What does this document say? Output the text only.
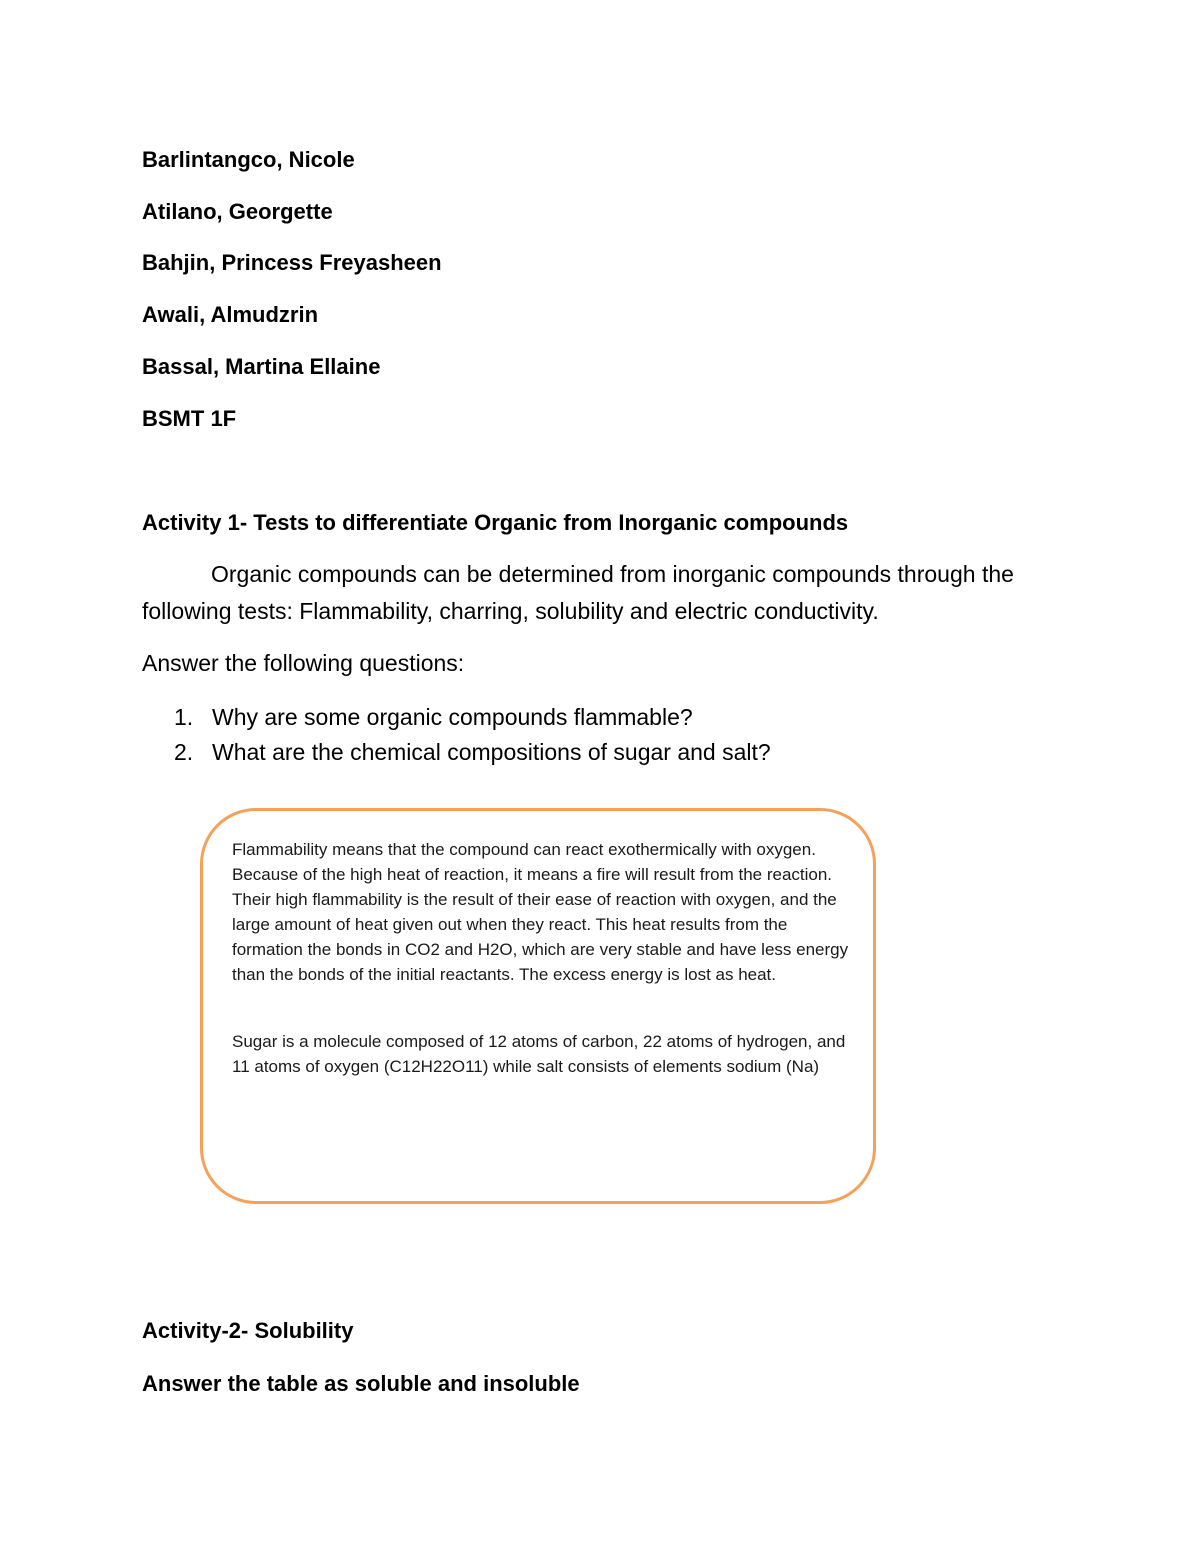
Barlintangco, Nicole
Atilano, Georgette
Bahjin, Princess Freyasheen
Awali, Almudzrin
Bassal, Martina Ellaine
BSMT 1F
Activity 1- Tests to differentiate Organic from Inorganic compounds
Organic compounds can be determined from inorganic compounds through the following tests: Flammability, charring, solubility and electric conductivity.
Answer the following questions:
1. Why are some organic compounds flammable?
2. What are the chemical compositions of sugar and salt?
Flammability means that the compound can react exothermically with oxygen. Because of the high heat of reaction, it means a fire will result from the reaction. Their high flammability is the result of their ease of reaction with oxygen, and the large amount of heat given out when they react. This heat results from the formation the bonds in CO2 and H2O, which are very stable and have less energy than the bonds of the initial reactants. The excess energy is lost as heat.
Sugar is a molecule composed of 12 atoms of carbon, 22 atoms of hydrogen, and 11 atoms of oxygen (C12H22O11) while salt consists of elements sodium (Na)
Activity-2- Solubility
Answer the table as soluble and insoluble
